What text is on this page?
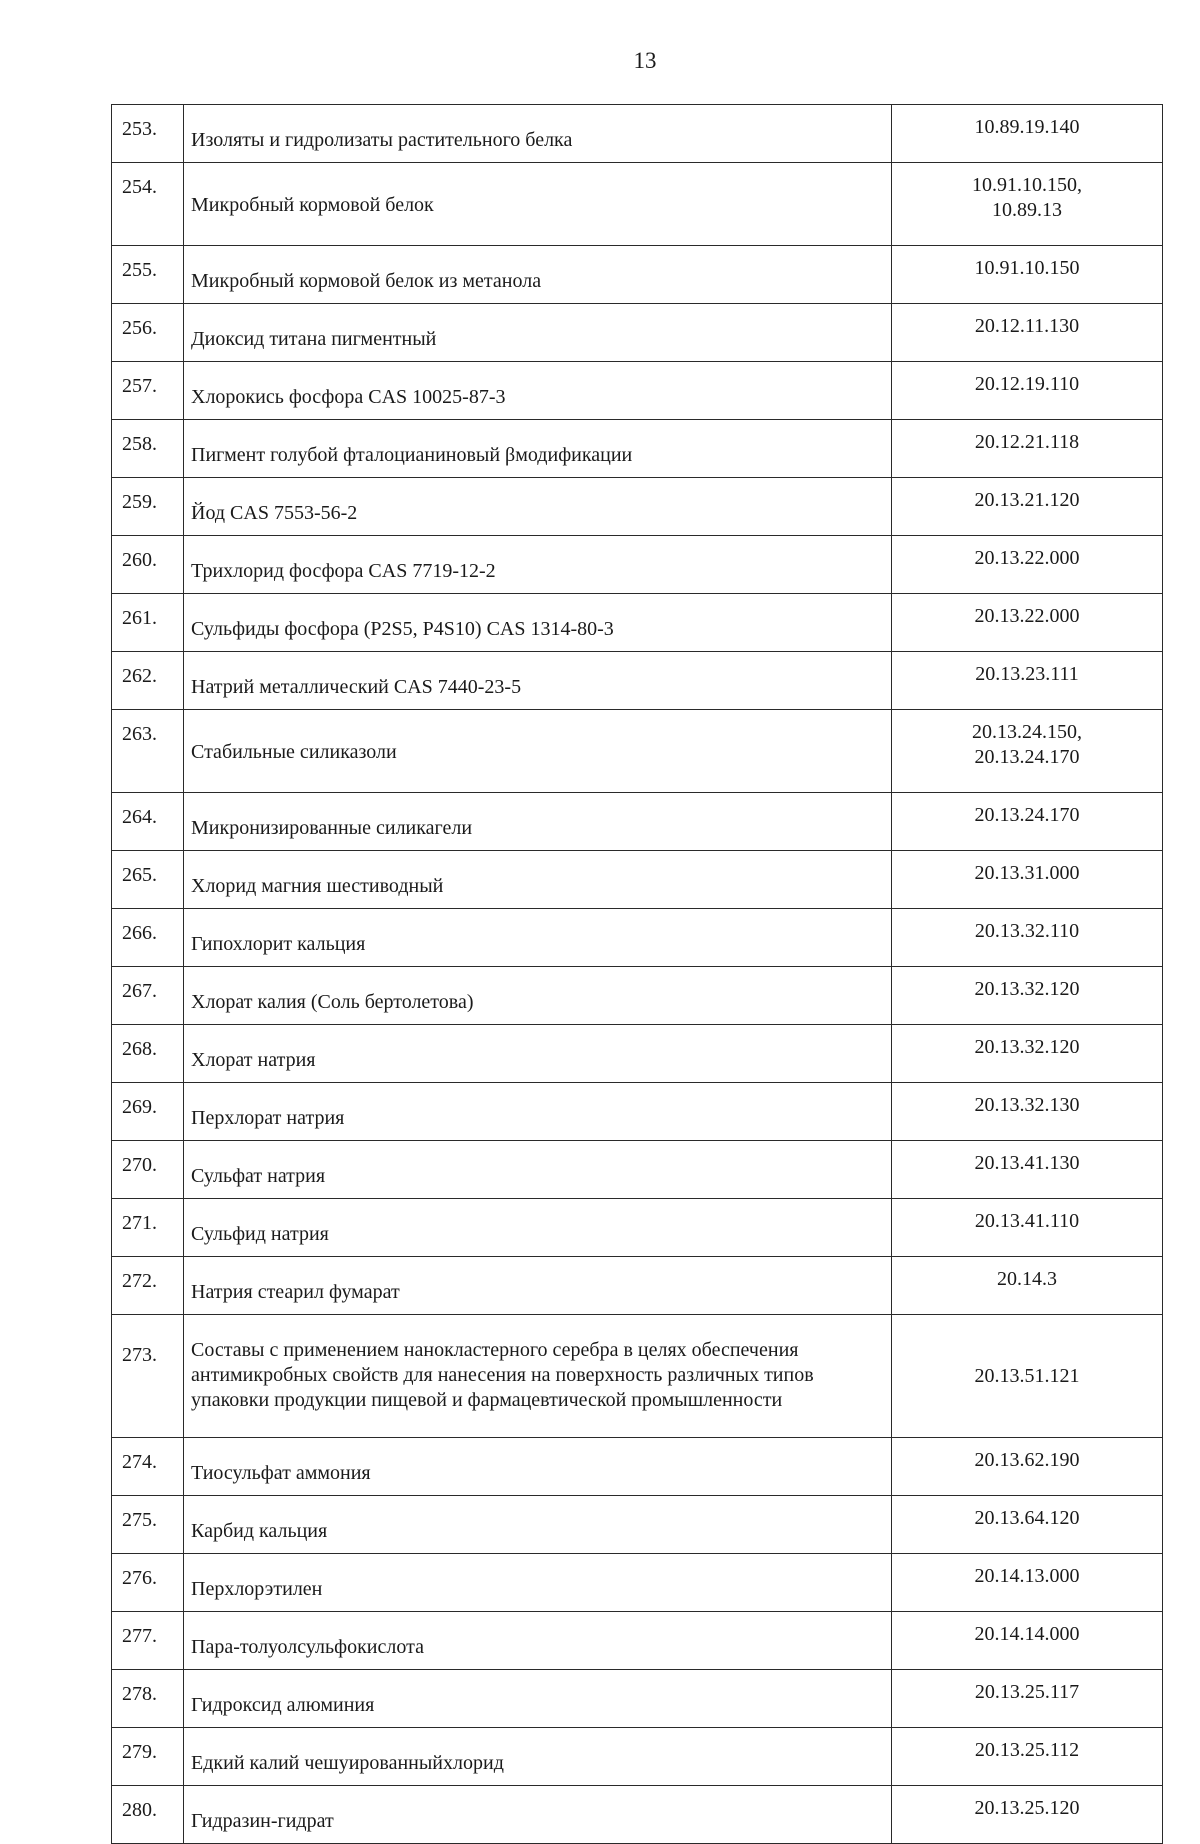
13
253.	Изоляты и гидролизаты растительного белка	10.89.19.140

254.	Микробный кормовой белок	10.91.10.150,
10.89.13

255.	Микробный кормовой белок из метанола	10.91.10.150

256.	Диоксид титана пигментный	20.12.11.130

257.	Хлорокись фосфора CAS 10025-87-3	20.12.19.110

258.	Пигмент голубой фталоцианиновый βмодификации	20.12.21.118

259.	Йод CAS 7553-56-2	20.13.21.120

260.	Трихлорид фосфора CAS 7719-12-2	20.13.22.000

261.	Сульфиды фосфора (P2S5, P4S10) CAS 1314-80-3	20.13.22.000

262.	Натрий металлический CAS 7440-23-5	20.13.23.111

263.	Стабильные силиказоли	20.13.24.150,
20.13.24.170

264.	Микронизированные силикагели	20.13.24.170

265.	Хлорид магния шестиводный	20.13.31.000

266.	Гипохлорит кальция	20.13.32.110

267.	Хлорат калия (Соль бертолетова)	20.13.32.120

268.	Хлорат натрия	20.13.32.120

269.	Перхлорат натрия	20.13.32.130

270.	Сульфат натрия	20.13.41.130

271.	Сульфид натрия	20.13.41.110

272.	Натрия стеарил фумарат	20.14.3

273.	Составы с применением нанокластерного серебра в целях обеспечения антимикробных свойств для нанесения на поверхность различных типов упаковки продукции пищевой и фармацевтической промышленности	20.13.51.121

274.	Тиосульфат аммония	20.13.62.190

275.	Карбид кальция	20.13.64.120

276.	Перхлорэтилен	20.14.13.000

277.	Пара-толуолсульфокислота	20.14.14.000

278.	Гидроксид алюминия	20.13.25.117

279.	Едкий калий чешуированныйхлорид	20.13.25.112

280.	Гидразин-гидрат	20.13.25.120
